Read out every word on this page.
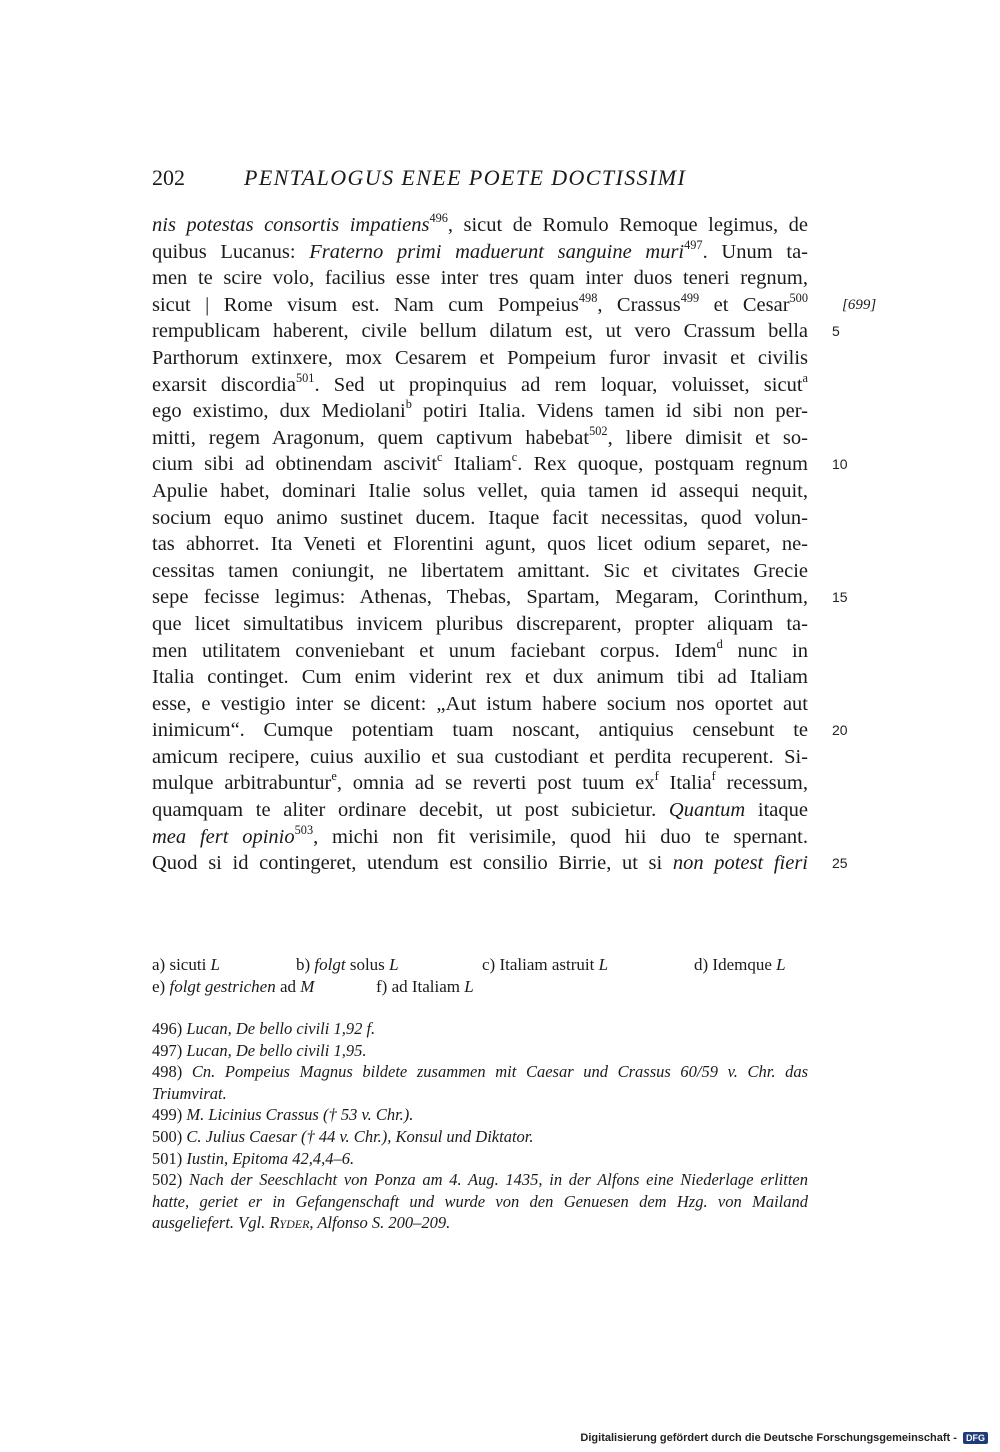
202	PENTALOGUS ENEE POETE DOCTISSIMI
nis potestas consortis impatiens$^{496}$, sicut de Romulo Remoque legimus, de
quibus Lucanus: Fraterno primi maduerunt sanguine muri$^{497}$. Unum ta-
men te scire volo, facilius esse inter tres quam inter duos teneri regnum,
sicut | Rome visum est. Nam cum Pompeius$^{498}$, Crassus$^{499}$ et Cesar$^{500}$ [699]
rempublicam haberent, civile bellum dilatum est, ut vero Crassum bella 5
Parthorum extinxere, mox Cesarem et Pompeium furor invasit et civilis
exarsit discordia$^{501}$. Sed ut propinquius ad rem loquar, voluisset, sicut$^a$
ego existimo, dux Mediolani$^b$ potiri Italia. Videns tamen id sibi non per-
mitti, regem Aragonum, quem captivum habebat$^{502}$, libere dimisit et so-
cium sibi ad obtinendam ascivit$^c$ Italiam$^c$. Rex quoque, postquam regnum 10
Apulie habet, dominari Italie solus vellet, quia tamen id assequi nequit,
socium equo animo sustinet ducem. Itaque facit necessitas, quod volun-
tas abhorret. Ita Veneti et Florentini agunt, quos licet odium separet, ne-
cessitas tamen coniungit, ne libertatem amittant. Sic et civitates Grecie
sepe fecisse legimus: Athenas, Thebas, Spartam, Megaram, Corinthum, 15
que licet simultatibus invicem pluribus discreparent, propter aliquam ta-
men utilitatem conveniebant et unum faciebant corpus. Idem$^d$ nunc in
Italia continget. Cum enim viderint rex et dux animum tibi ad Italiam
esse, e vestigio inter se dicent: „Aut istum habere socium nos oportet aut
inimicum“. Cumque potentiam tuam noscant, antiquius censebunt te 20
amicum recipere, cuius auxilio et sua custodiant et perdita recuperent. Si-
mulque arbitrabuntur$^e$, omnia ad se reverti post tuum $ex^f$ Italia$^f$ recessum,
quamquam te aliter ordinare decebit, ut post subicietur. Quantum itaque
mea fert opinio$^{503}$, michi non fit verisimile, quod hii duo te spernant.
Quod si id contingeret, utendum est consilio Birrie, ut si non potest fieri 25
a) sicuti L	b) folgt solus L	c) Italiam astruit L	d) Idemque L
e) folgt gestrichen ad M	f) ad Italiam L
496) Lucan, De bello civili 1,92 f.
497) Lucan, De bello civili 1,95.
498) Cn. Pompeius Magnus bildete zusammen mit Caesar und Crassus 60/59 v. Chr. das Triumvirat.
499) M. Licinius Crassus († 53 v. Chr.).
500) C. Julius Caesar († 44 v. Chr.), Konsul und Diktator.
501) Iustin, Epitoma 42,4,4–6.
502) Nach der Seeschlacht von Ponza am 4. Aug. 1435, in der Alfons eine Niederlage erlitten hatte, geriet er in Gefangenschaft und wurde von den Genuesen dem Hzg. von Mailand ausgeliefert. Vgl. Ryder, Alfonso S. 200–209.
Digitalisierung gefördert durch die Deutsche Forschungsgemeinschaft - DFG
